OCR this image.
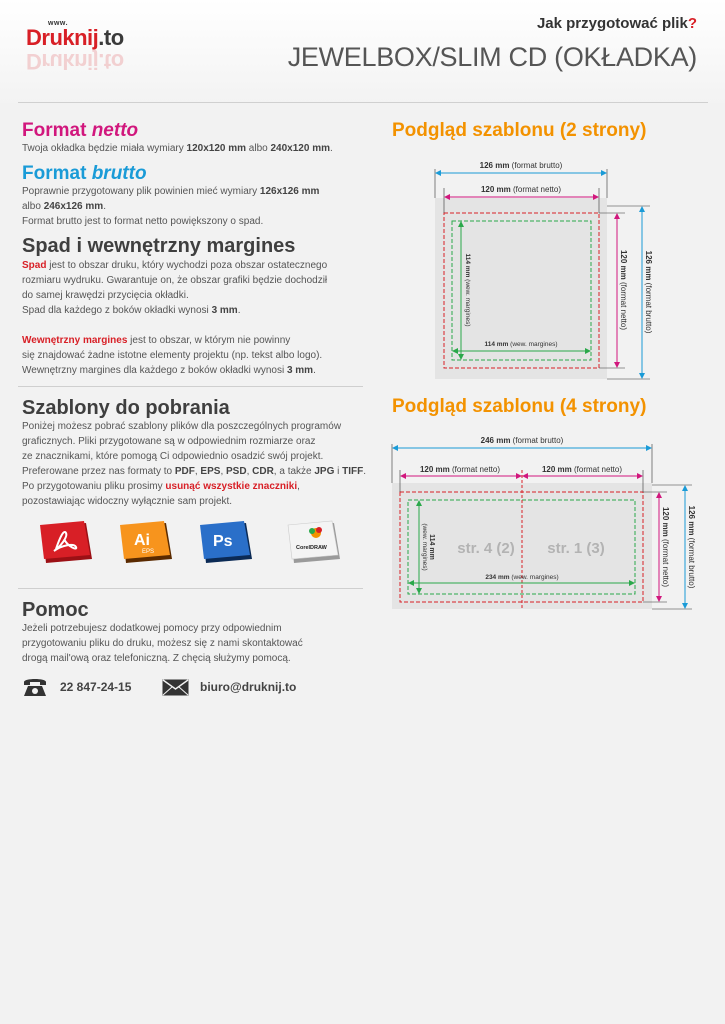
www.
Druknij.to
Druknij.to
Jak przygotować plik?
JEWELBOX/SLIM CD (OKŁADKA)
Format netto
Twoja okładka będzie miała wymiary 120x120 mm albo 240x120 mm.
Format brutto
Poprawnie przygotowany plik powinien mieć wymiary 126x126 mm
albo 246x126 mm.
Format brutto jest to format netto powiększony o spad.
Spad i wewnętrzny margines
Spad jest to obszar druku, który wychodzi poza obszar ostatecznego
rozmiaru wydruku. Gwarantuje on, że obszar grafiki będzie dochodził
do samej krawędzi przycięcia okładki.
Spad dla każdego z boków okładki wynosi 3 mm.
Wewnętrzny margines jest to obszar, w którym nie powinny
się znajdować żadne istotne elementy projektu (np. tekst albo logo).
Wewnętrzny margines dla każdego z boków okładki wynosi 3 mm.
Szablony do pobrania
Poniżej możesz pobrać szablony plików dla poszczególnych programów
graficznych. Pliki przygotowane są w odpowiednim rozmiarze oraz
ze znacznikami, które pomogą Ci odpowiednio osadzić swój projekt.
Preferowane przez nas formaty to PDF, EPS, PSD, CDR, a także JPG i TIFF.
Po przygotowaniu pliku prosimy usunąć wszystkie znaczniki,
pozostawiając widoczny wyłącznie sam projekt.
Ai
EPS
Ps	CorelDRAW
Pomoc
Jeżeli potrzebujesz dodatkowej pomocy przy odpowiednim
przygotowaniu pliku do druku, możesz się z nami skontaktować
drogą mail'ową oraz telefoniczną. Z chęcią służymy pomocą.
22 847-24-15	biuro@druknij.to
Podgląd szablonu (2 strony)
126 mm (format brutto)
120 mm (format netto)
114 mm (wew. margines)
114 mm (wew. margines)
120 mm (format netto)
126 mm (format brutto)
Podgląd szablonu (4 strony)
str. 4 (2) str. 1 (3)
246 mm (format brutto)
120 mm (format netto)	120 mm (format netto)
234 mm (wew. margines)
114 mm
(wew. margines)
120 mm (format netto)
126 mm (format brutto)
